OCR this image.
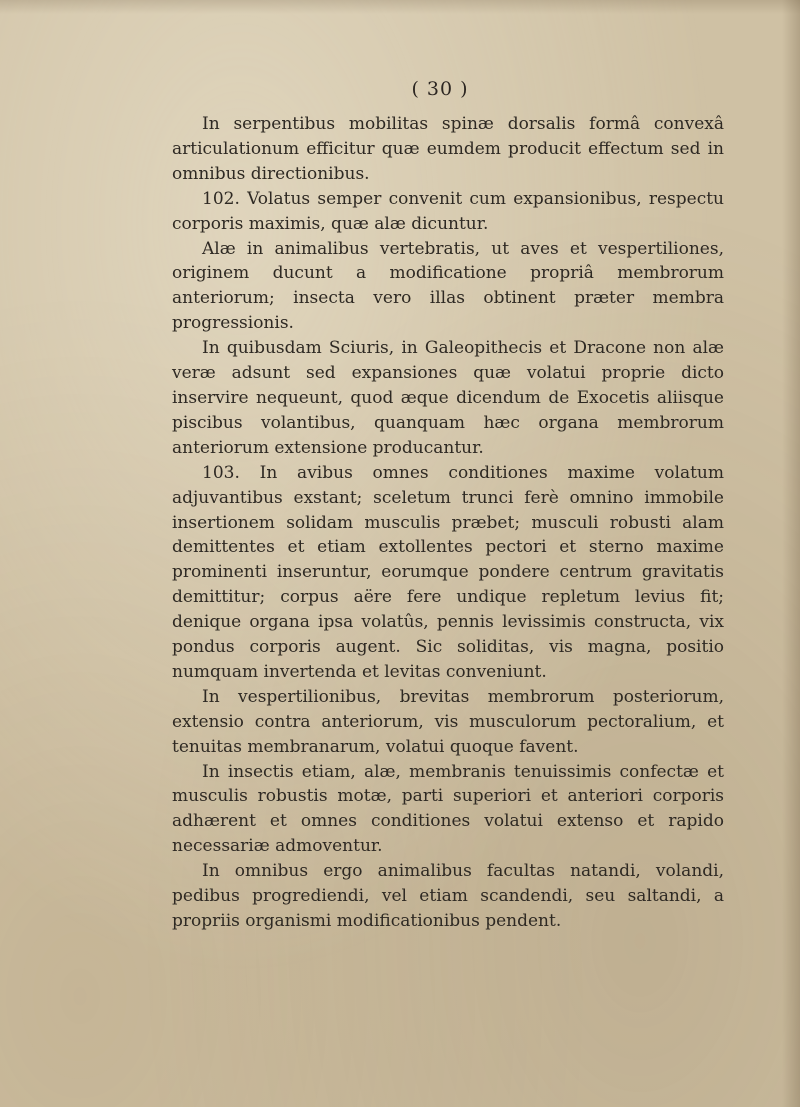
( 30 )

In serpentibus mobilitas spinæ dorsalis formâ convexâ articulationum efficitur quæ eumdem producit effectum sed in omnibus directionibus.

102. Volatus semper convenit cum expansionibus, respectu corporis maximis, quæ alæ dicuntur.

Alæ in animalibus vertebratis, ut aves et vespertiliones, originem ducunt a modificatione propriâ membrorum anteriorum; insecta vero illas obtinent præter membra progressionis.

In quibusdam Sciuris, in Galeopithecis et Dracone non alæ veræ adsunt sed expansiones quæ volatui proprie dicto inservire nequeunt, quod æque dicendum de Exocetis aliisque piscibus volantibus, quanquam hæc organa membrorum anteriorum extensione producantur.

103. In avibus omnes conditiones maxime volatum adjuvantibus exstant; sceletum trunci ferè omnino immobile insertionem solidam musculis præbet; musculi robusti alam demittentes et etiam extollentes pectori et sterno maxime prominenti inseruntur, eorumque pondere centrum gravitatis demittitur; corpus aëre fere undique repletum levius fit; denique organa ipsa volatûs, pennis levissimis constructa, vix pondus corporis augent. Sic soliditas, vis magna, positio numquam invertenda et levitas conveniunt.

In vespertilionibus, brevitas membrorum posteriorum, extensio contra anteriorum, vis musculorum pectoralium, et tenuitas membranarum, volatui quoque favent.

In insectis etiam, alæ, membranis tenuissimis confectæ et musculis robustis motæ, parti superiori et anteriori corporis adhærent et omnes conditiones volatui extenso et rapido necessariæ admoventur.

In omnibus ergo animalibus facultas natandi, volandi, pedibus progrediendi, vel etiam scandendi, seu saltandi, a propriis organismi modificationibus pendent.
